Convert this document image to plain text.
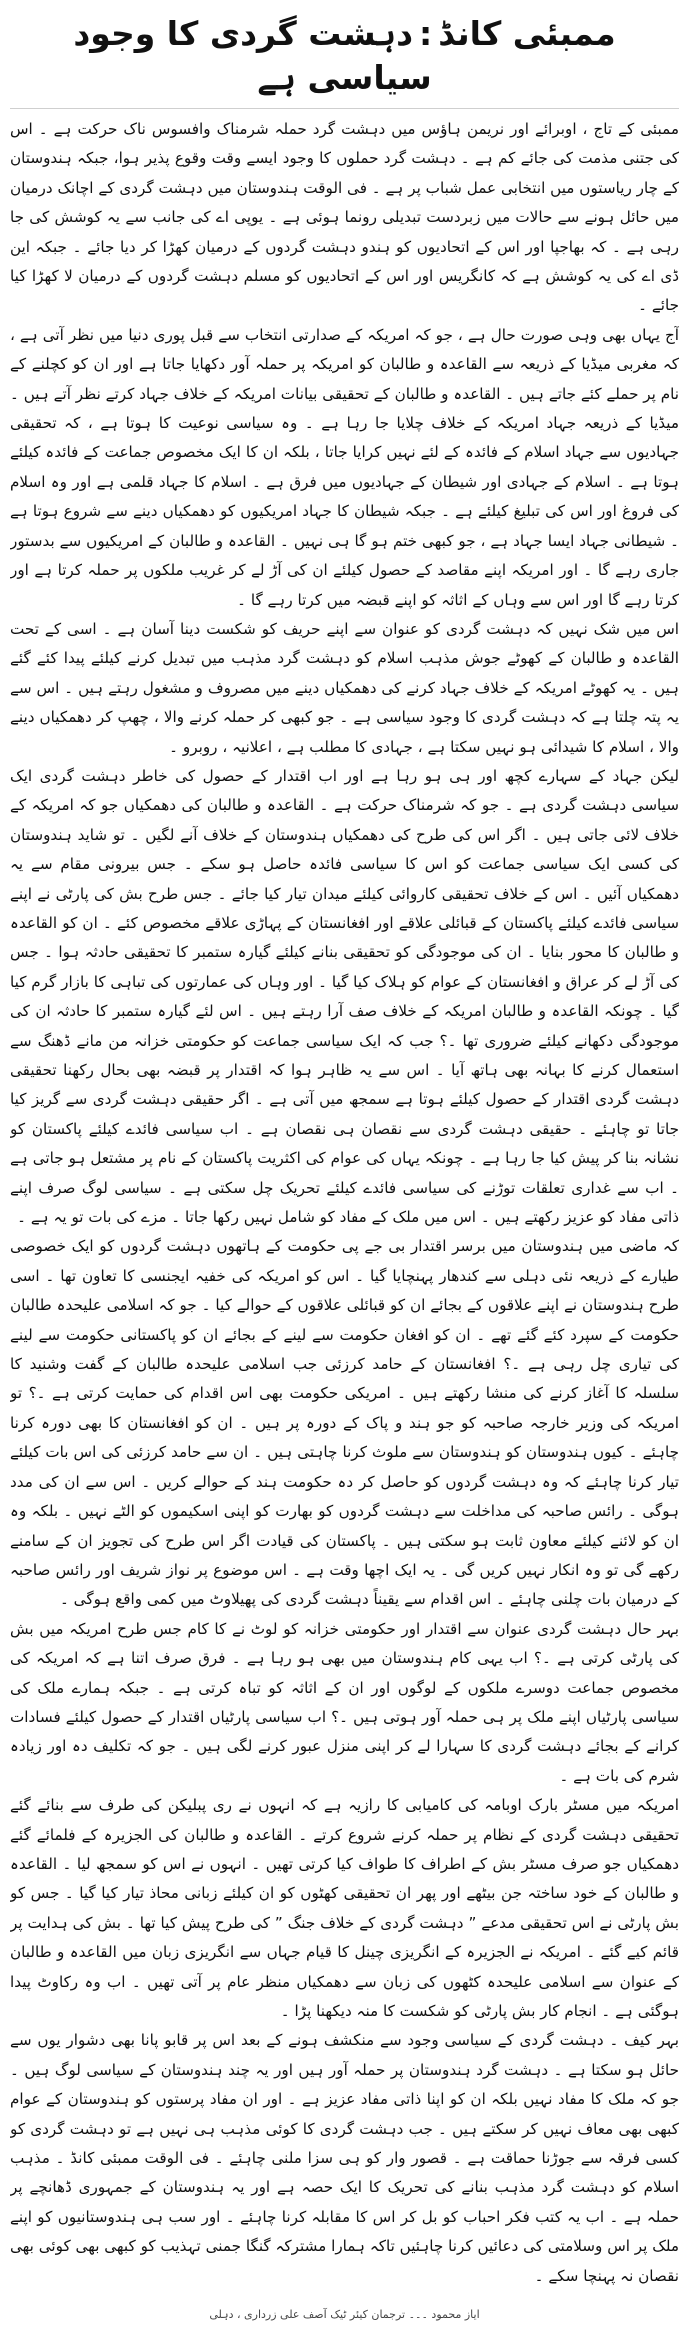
ممبئی کانڈ:دہشت گردی کا وجود سیاسی ہے

ممبئی کے تاج ، اوبرائے اور نریمن ہاؤس میں دہشت گرد حملہ شرمناک وافسوس ناک حرکت ہے ۔ اس کی جتنی مذمت کی جائے کم ہے ۔ دہشت گرد حملوں کا وجود ایسے وقت وقوع پذیر ہوا، جبکہ ہندوستان کے چار ریاستوں میں انتخابی عمل شباب پر ہے ۔ فی الوقت ہندوستان میں دہشت گردی کے اچانک درمیان میں حائل ہونے سے حالات میں زبردست تبدیلی رونما ہوئی ہے ۔ یوپی اے کی جانب سے یہ کوشش کی جا رہی ہے ۔ کہ بھاجپا اور اس کے اتحادیوں کو ہندو دہشت گردوں کے درمیان کھڑا کر دیا جائے ۔ جبکہ این ڈی اے کی یہ کوشش ہے کہ کانگریس اور اس کے اتحادیوں کو مسلم دہشت گردوں کے درمیان لا کھڑا کیا جائے ۔

آج یہاں بھی وہی صورت حال ہے ، جو کہ امریکہ کے صدارتی انتخاب سے قبل پوری دنیا میں نظر آتی ہے ، کہ مغربی میڈیا کے ذریعہ سے القاعدہ و طالبان کو امریکہ پر حملہ آور دکھایا جاتا ہے اور ان کو کچلنے کے نام پر حملے کئے جاتے ہیں ۔ القاعدہ و طالبان کے تحقیقی بیانات امریکہ کے خلاف جہاد کرتے نظر آتے ہیں ۔ میڈیا کے ذریعہ جہاد امریکہ کے خلاف چلایا جا رہا ہے ۔ وہ سیاسی نوعیت کا ہوتا ہے ، کہ تحقیقی جہادیوں سے جہاد اسلام کے فائدہ کے لئے نہیں کرایا جاتا ، بلکہ ان کا ایک مخصوص جماعت کے فائدہ کیلئے ہوتا ہے ۔ اسلام کے جہادی اور شیطان کے جہادیوں میں فرق ہے ۔ اسلام کا جہاد قلمی ہے اور وہ اسلام کی فروغ اور اس کی تبلیغ کیلئے ہے ۔ جبکہ شیطان کا جہاد امریکیوں کو دھمکیاں دینے سے شروع ہوتا ہے ۔ شیطانی جہاد ایسا جہاد ہے ، جو کبھی ختم ہو گا ہی نہیں ۔ القاعدہ و طالبان کے امریکیوں سے بدستور جاری رہے گا ۔ اور امریکہ اپنے مقاصد کے حصول کیلئے ان کی آڑ لے کر غریب ملکوں پر حملہ کرتا ہے اور کرتا رہے گا اور اس سے وہاں کے اثاثہ کو اپنے قبضہ میں کرتا رہے گا ۔

اس میں شک نہیں کہ دہشت گردی کو عنوان سے اپنے حریف کو شکست دینا آسان ہے ۔ اسی کے تحت القاعدہ و طالبان کے کھوٹے جوش مذہب اسلام کو دہشت گرد مذہب میں تبدیل کرنے کیلئے پیدا کئے گئے ہیں ۔ یہ کھوٹے امریکہ کے خلاف جہاد کرنے کی دھمکیاں دینے میں مصروف و مشغول رہتے ہیں ۔ اس سے یہ پتہ چلتا ہے کہ دہشت گردی کا وجود سیاسی ہے ۔ جو کبھی کر حملہ کرنے والا ، چھپ کر دھمکیاں دینے والا ، اسلام کا شیدائی ہو نہیں سکتا ہے ، جہادی کا مطلب ہے ، اعلانیہ ، روبرو ۔

لیکن جہاد کے سہارے کچھ اور ہی ہو رہا ہے اور اب اقتدار کے حصول کی خاطر دہشت گردی ایک سیاسی دہشت گردی ہے ۔ جو کہ شرمناک حرکت ہے ۔ القاعدہ و طالبان کی دھمکیاں جو کہ امریکہ کے خلاف لائی جاتی ہیں ۔ اگر اس کی طرح کی دھمکیاں ہندوستان کے خلاف آنے لگیں ۔ تو شاید ہندوستان کی کسی ایک سیاسی جماعت کو اس کا سیاسی فائدہ حاصل ہو سکے ۔ جس بیرونی مقام سے یہ دھمکیاں آئیں ۔ اس کے خلاف تحقیقی کاروائی کیلئے میدان تیار کیا جائے ۔ جس طرح بش کی پارٹی نے اپنے سیاسی فائدے کیلئے پاکستان کے قبائلی علاقے اور افغانستان کے پہاڑی علاقے مخصوص کئے ۔ ان کو القاعدہ و طالبان کا محور بنایا ۔ ان کی موجودگی کو تحقیقی بنانے کیلئے گیارہ ستمبر کا تحقیقی حادثہ ہوا ۔ جس کی آڑ لے کر عراق و افغانستان کے عوام کو ہلاک کیا گیا ۔ اور وہاں کی عمارتوں کی تباہی کا بازار گرم کیا گیا ۔ چونکہ القاعدہ و طالبان امریکہ کے خلاف صف آرا رہتے ہیں ۔ اس لئے گیارہ ستمبر کا حادثہ ان کی موجودگی دکھانے کیلئے ضروری تھا ۔؟ جب کہ ایک سیاسی جماعت کو حکومتی خزانہ من مانے ڈھنگ سے استعمال کرنے کا بہانہ بھی ہاتھ آیا ۔ اس سے یہ ظاہر ہوا کہ اقتدار پر قبضہ بھی بحال رکھنا تحقیقی دہشت گردی اقتدار کے حصول کیلئے ہوتا ہے سمجھ میں آتی ہے ۔ اگر حقیقی دہشت گردی سے گریز کیا جاتا تو چاہئے ۔ حقیقی دہشت گردی سے نقصان ہی نقصان ہے ۔ اب سیاسی فائدے کیلئے پاکستان کو نشانہ بنا کر پیش کیا جا رہا ہے ۔ چونکہ یہاں کی عوام کی اکثریت پاکستان کے نام پر مشتعل ہو جاتی ہے ۔ اب سے غداری تعلقات توڑنے کی سیاسی فائدے کیلئے تحریک چل سکتی ہے ۔ سیاسی لوگ صرف اپنے ذاتی مفاد کو عزیز رکھتے ہیں ۔ اس میں ملک کے مفاد کو شامل نہیں رکھا جاتا ۔ مزے کی بات تو یہ ہے ۔

کہ ماضی میں ہندوستان میں برسر اقتدار بی جے پی حکومت کے ہاتھوں دہشت گردوں کو ایک خصوصی طیارے کے ذریعہ نئی دہلی سے کندھار پہنچایا گیا ۔ اس کو امریکہ کی خفیہ ایجنسی کا تعاون تھا ۔ اسی طرح ہندوستان نے اپنے علاقوں کے بجائے ان کو قبائلی علاقوں کے حوالے کیا ۔ جو کہ اسلامی علیحدہ طالبان حکومت کے سپرد کئے گئے تھے ۔ ان کو افغان حکومت سے لینے کے بجائے ان کو پاکستانی حکومت سے لینے کی تیاری چل رہی ہے ۔؟ افغانستان کے حامد کرزئی جب اسلامی علیحدہ طالبان کے گفت وشنید کا سلسلہ کا آغاز کرنے کی منشا رکھتے ہیں ۔ امریکی حکومت بھی اس اقدام کی حمایت کرتی ہے ۔؟ تو امریکہ کی وزیر خارجہ صاحبہ کو جو ہند و پاک کے دورہ پر ہیں ۔ ان کو افغانستان کا بھی دورہ کرنا چاہئے ۔ کیوں ہندوستان کو ہندوستان سے ملوث کرنا چاہتی ہیں ۔ ان سے حامد کرزئی کی اس بات کیلئے تیار کرنا چاہئے کہ وہ دہشت گردوں کو حاصل کر دہ حکومت ہند کے حوالے کریں ۔ اس سے ان کی مدد ہوگی ۔ رائس صاحبہ کی مداخلت سے دہشت گردوں کو بھارت کو اپنی اسکیموں کو الٹے نہیں ۔ بلکہ وہ ان کو لائنے کیلئے معاون ثابت ہو سکتی ہیں ۔ پاکستان کی قیادت اگر اس طرح کی تجویز ان کے سامنے رکھے گی تو وہ انکار نہیں کریں گی ۔ یہ ایک اچھا وقت ہے ۔ اس موضوع پر نواز شریف اور رائس صاحبہ کے درمیان بات چلنی چاہئے ۔ اس اقدام سے یقیناً دہشت گردی کی پھیلاوٹ میں کمی واقع ہوگی ۔

بہر حال دہشت گردی عنوان سے اقتدار اور حکومتی خزانہ کو لوٹ نے کا کام جس طرح امریکہ میں بش کی پارٹی کرتی ہے ۔؟ اب یہی کام ہندوستان میں بھی ہو رہا ہے ۔ فرق صرف اتنا ہے کہ امریکہ کی مخصوص جماعت دوسرے ملکوں کے لوگوں اور ان کے اثاثہ کو تباہ کرتی ہے ۔ جبکہ ہمارے ملک کی سیاسی پارٹیاں اپنے ملک پر ہی حملہ آور ہوتی ہیں ۔؟ اب سیاسی پارٹیاں اقتدار کے حصول کیلئے فسادات کرانے کے بجائے دہشت گردی کا سہارا لے کر اپنی منزل عبور کرنے لگی ہیں ۔ جو کہ تکلیف دہ اور زیادہ شرم کی بات ہے ۔

امریکہ میں مسٹر بارک اوبامہ کی کامیابی کا رازیہ ہے کہ انہوں نے ری پبلیکن کی طرف سے بنائے گئے تحقیقی دہشت گردی کے نظام پر حملہ کرنے شروع کرتے ۔ القاعدہ و طالبان کی الجزیرہ کے فلمائے گئے دھمکیاں جو صرف مسٹر بش کے اطراف کا طواف کیا کرتی تھیں ۔ انہوں نے اس کو سمجھ لیا ۔ القاعدہ و طالبان کے خود ساختہ جن بیٹھے اور پھر ان تحقیقی کھٹوں کو ان کیلئے زبانی محاذ تیار کیا گیا ۔ جس کو بش پارٹی نے اس تحقیقی مدعے ” دہشت گردی کے خلاف جنگ ” کی طرح پیش کیا تھا ۔ بش کی ہدایت پر قائم کیے گئے ۔ امریکہ نے الجزیرہ کے انگریزی چینل کا قیام جہاں سے انگریزی زبان میں القاعدہ و طالبان کے عنوان سے اسلامی علیحدہ کٹھوں کی زبان سے دھمکیاں منظر عام پر آتی تھیں ۔ اب وہ رکاوٹ پیدا ہوگئی ہے ۔ انجام کار بش پارٹی کو شکست کا منہ دیکھنا پڑا ۔

بہر کیف ۔ دہشت گردی کے سیاسی وجود سے منکشف ہونے کے بعد اس پر قابو پانا بھی دشوار یوں سے حائل ہو سکتا ہے ۔ دہشت گرد ہندوستان پر حملہ آور ہیں اور یہ چند ہندوستان کے سیاسی لوگ ہیں ۔ جو کہ ملک کا مفاد نہیں بلکہ ان کو اپنا ذاتی مفاد عزیز ہے ۔ اور ان مفاد پرستوں کو ہندوستان کے عوام کبھی بھی معاف نہیں کر سکتے ہیں ۔ جب دہشت گردی کا کوئی مذہب ہی نہیں ہے تو دہشت گردی کو کسی فرقہ سے جوڑنا حماقت ہے ۔ قصور وار کو ہی سزا ملنی چاہئے ۔ فی الوقت ممبئی کانڈ ۔ مذہب اسلام کو دہشت گرد مذہب بنانے کی تحریک کا ایک حصہ ہے اور یہ ہندوستان کے جمہوری ڈھانچے پر حملہ ہے ۔ اب یہ کتب فکر احباب کو بل کر اس کا مقابلہ کرنا چاہئے ۔ اور سب ہی ہندوستانیوں کو اپنے ملک پر اس وسلامتی کی دعائیں کرنا چاہئیں تاکہ ہمارا مشترکہ گنگا جمنی تہذیب کو کبھی بھی کوئی بھی نقصان نہ پہنچا سکے ۔

ایاز محمود ۔۔۔ ترجمان کیئر ٹیک آصف علی زرداری ، دہلی
